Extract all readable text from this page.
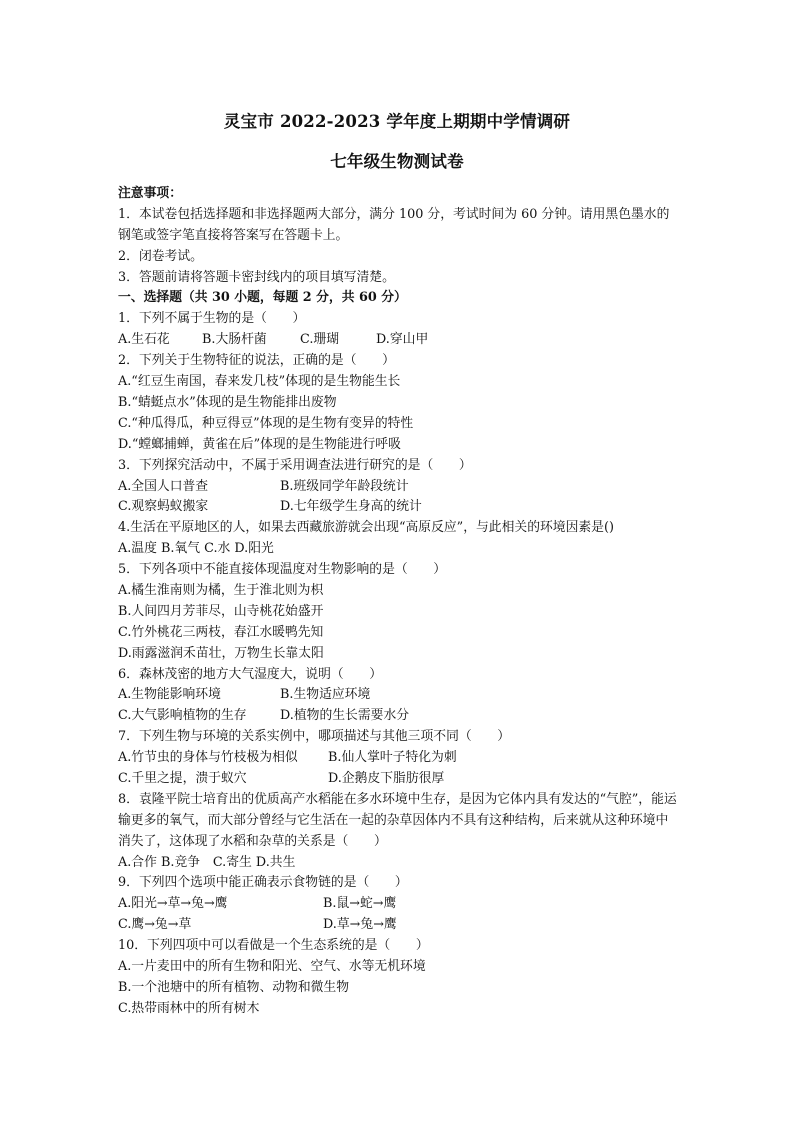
灵宝市 2022-2023 学年度上期期中学情调研
七年级生物测试卷
注意事项：
1．本试卷包括选择题和非选择题两大部分，满分 100 分，考试时间为 60 分钟。请用黑色墨水的钢笔或签字笔直接将答案写在答题卡上。
2．闭卷考试。
3．答题前请将答题卡密封线内的项目填写清楚。
一、选择题（共 30 小题，每题 2 分，共 60 分）
1．下列不属于生物的是（　　）
A.生石花	B.大肠杆菌	C.珊瑚	D.穿山甲
2．下列关于生物特征的说法，正确的是（　　）
A.“红豆生南国，春来发几枝”体现的是生物能生长
B.“蜻蜓点水”体现的是生物能排出废物
C.“种瓜得瓜，种豆得豆”体现的是生物有变异的特性
D.“螳螂捕蝉，黄雀在后”体现的是生物能进行呼吸
3．下列探究活动中，不属于采用调查法进行研究的是（　　）
A.全国人口普查	B.班级同学年龄段统计
C.观察蚂蚁搬家	D.七年级学生身高的统计
4.生活在平原地区的人，如果去西藏旅游就会出现“高原反应”，与此相关的环境因素是()
A.温度 B.氧气 C.水 D.阳光
5．下列各项中不能直接体现温度对生物影响的是（　　）
A.橘生淮南则为橘，生于淮北则为枳
B.人间四月芳菲尽，山寺桃花始盛开
C.竹外桃花三两枝，春江水暖鸭先知
D.雨露滋润禾苗壮，万物生长靠太阳
6．森林茂密的地方大气湿度大，说明（　　）
A.生物能影响环境	B.生物适应环境
C.大气影响植物的生存	D.植物的生长需要水分
7．下列生物与环境的关系实例中，哪项描述与其他三项不同（　　）
A.竹节虫的身体与竹枝极为相似	B.仙人掌叶子特化为刺
C.千里之提，溃于蚁穴	D.企鹅皮下脂肪很厚
8．袁隆平院士培育出的优质高产水稻能在多水环境中生存，是因为它体内具有发达的“气腔”，能运输更多的氧气，而大部分曾经与它生活在一起的杂草因体内不具有这种结构，后来就从这种环境中消失了，这体现了水稻和杂草的关系是（　　）
A.合作 B.竞争　C.寄生 D.共生
9．下列四个选项中能正确表示食物链的是（　　）
A.阳光→草→兔→鹰	B.鼠→蛇→鹰
C.鹰→兔→草	D.草→兔→鹰
10．下列四项中可以看做是一个生态系统的是（　　）
A.一片麦田中的所有生物和阳光、空气、水等无机环境
B.一个池塘中的所有植物、动物和微生物
C.热带雨林中的所有树木
